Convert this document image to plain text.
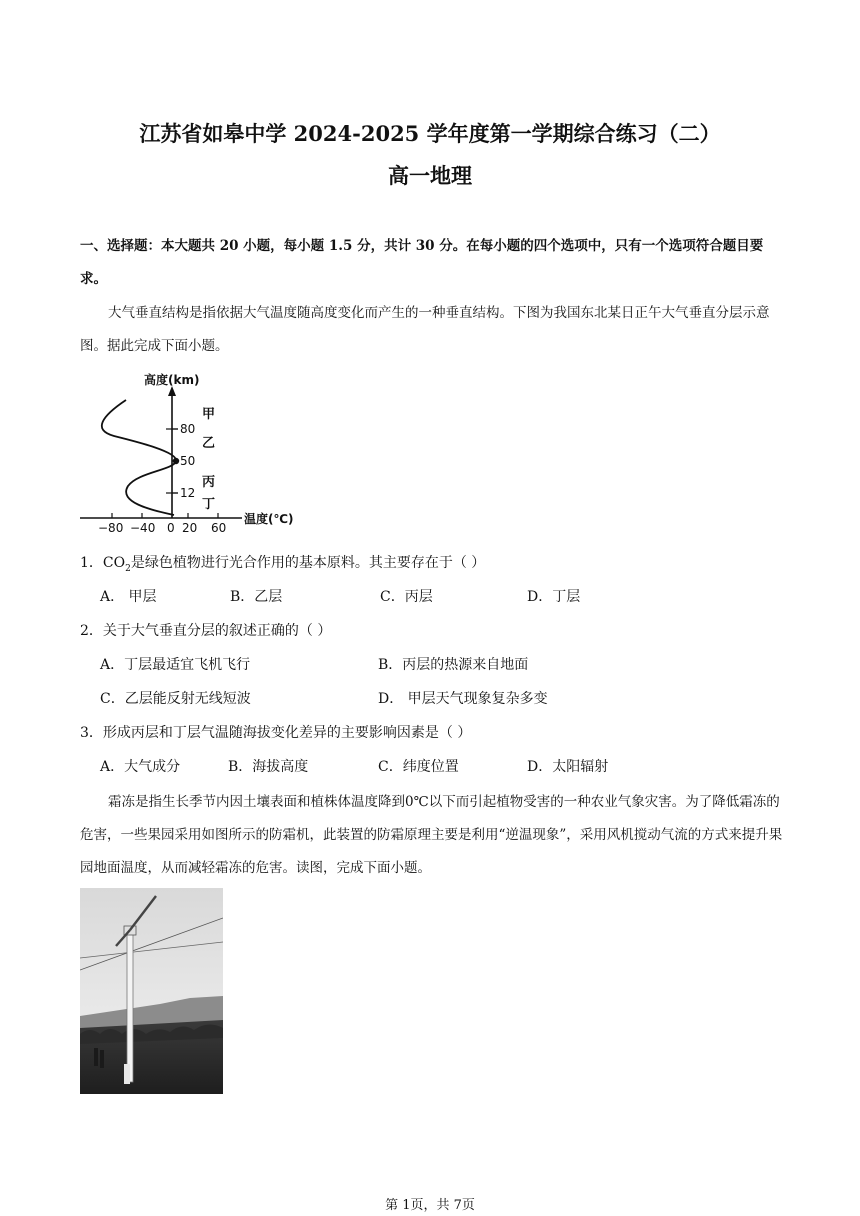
江苏省如皋中学 2024-2025 学年度第一学期综合练习（二）
高一地理
一、选择题：本大题共 20 小题，每小题 1.5 分，共计 30 分。在每小题的四个选项中，只有一个选项符合题目要求。
大气垂直结构是指依据大气温度随高度变化而产生的一种垂直结构。下图为我国东北某日正午大气垂直分层示意图。据此完成下面小题。
高度(km)
温度(℃)
80
50
12
−80 −40 0 20 60
甲
乙
丙
丁
1．$CO_2$是绿色植物进行光合作用的基本原料。其主要存在于（ ）
A． 甲层	B．乙层	C．丙层	D．丁层
2．关于大气垂直分层的叙述正确的（ ）
A．丁层最适宜飞机飞行	B．丙层的热源来自地面
C．乙层能反射无线短波	D． 甲层天气现象复杂多变
3．形成丙层和丁层气温随海拔变化差异的主要影响因素是（ ）
A．大气成分	B．海拔高度	C．纬度位置	D．太阳辐射
霜冻是指生长季节内因土壤表面和植株体温度降到0℃以下而引起植物受害的一种农业气象灾害。为了降低霜冻的危害，一些果园采用如图所示的防霜机，此装置的防霜原理主要是利用“逆温现象”，采用风机搅动气流的方式来提升果园地面温度，从而减轻霜冻的危害。读图，完成下面小题。
第 1页，共 7页
